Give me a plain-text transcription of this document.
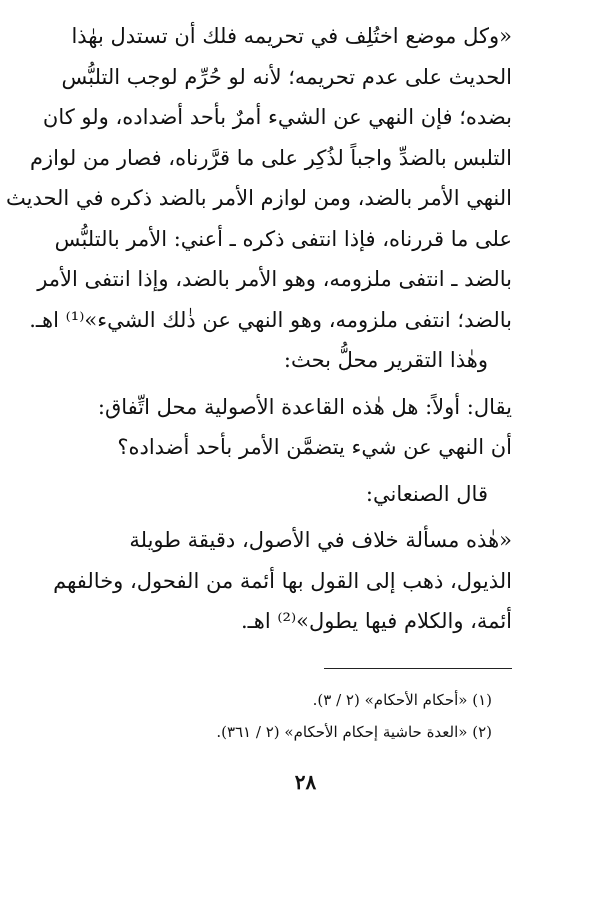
«وكل موضع اختُلِف في تحريمه فلك أن تستدل بهٰذا
الحديث على عدم تحريمه؛ لأنه لو حُرِّم لوجب التلبُّس
بضده؛ فإن النهي عن الشيء أمرٌ بأحد أضداده، ولو كان
التلبس بالضدِّ واجباً لذُكِر على ما قرَّرناه، فصار من لوازم
النهي الأمر بالضد، ومن لوازم الأمر بالضد ذكره في الحديث
على ما قررناه، فإذا انتفى ذكره ـ أعني: الأمر بالتلبُّس
بالضد ـ انتفى ملزومه، وهو الأمر بالضد، وإذا انتفى الأمر
بالضد؛ انتفى ملزومه، وهو النهي عن ذٰلك الشيء»⁽¹⁾ اهـ.
وهٰذا التقرير محلُّ بحث:
يقال: أولاً: هل هٰذه القاعدة الأصولية محل اتِّفاق:
أن النهي عن شيء يتضمَّن الأمر بأحد أضداده؟
قال الصنعاني:
«هٰذه مسألة خلاف في الأصول، دقيقة طويلة
الذيول، ذهب إلى القول بها أئمة من الفحول، وخالفهم
أئمة، والكلام فيها يطول»⁽²⁾ اهـ.
(١) «أحكام الأحكام» (٢ / ٣).
(٢) «العدة حاشية إحكام الأحكام» (٢ / ٣٦١).
٢٨
